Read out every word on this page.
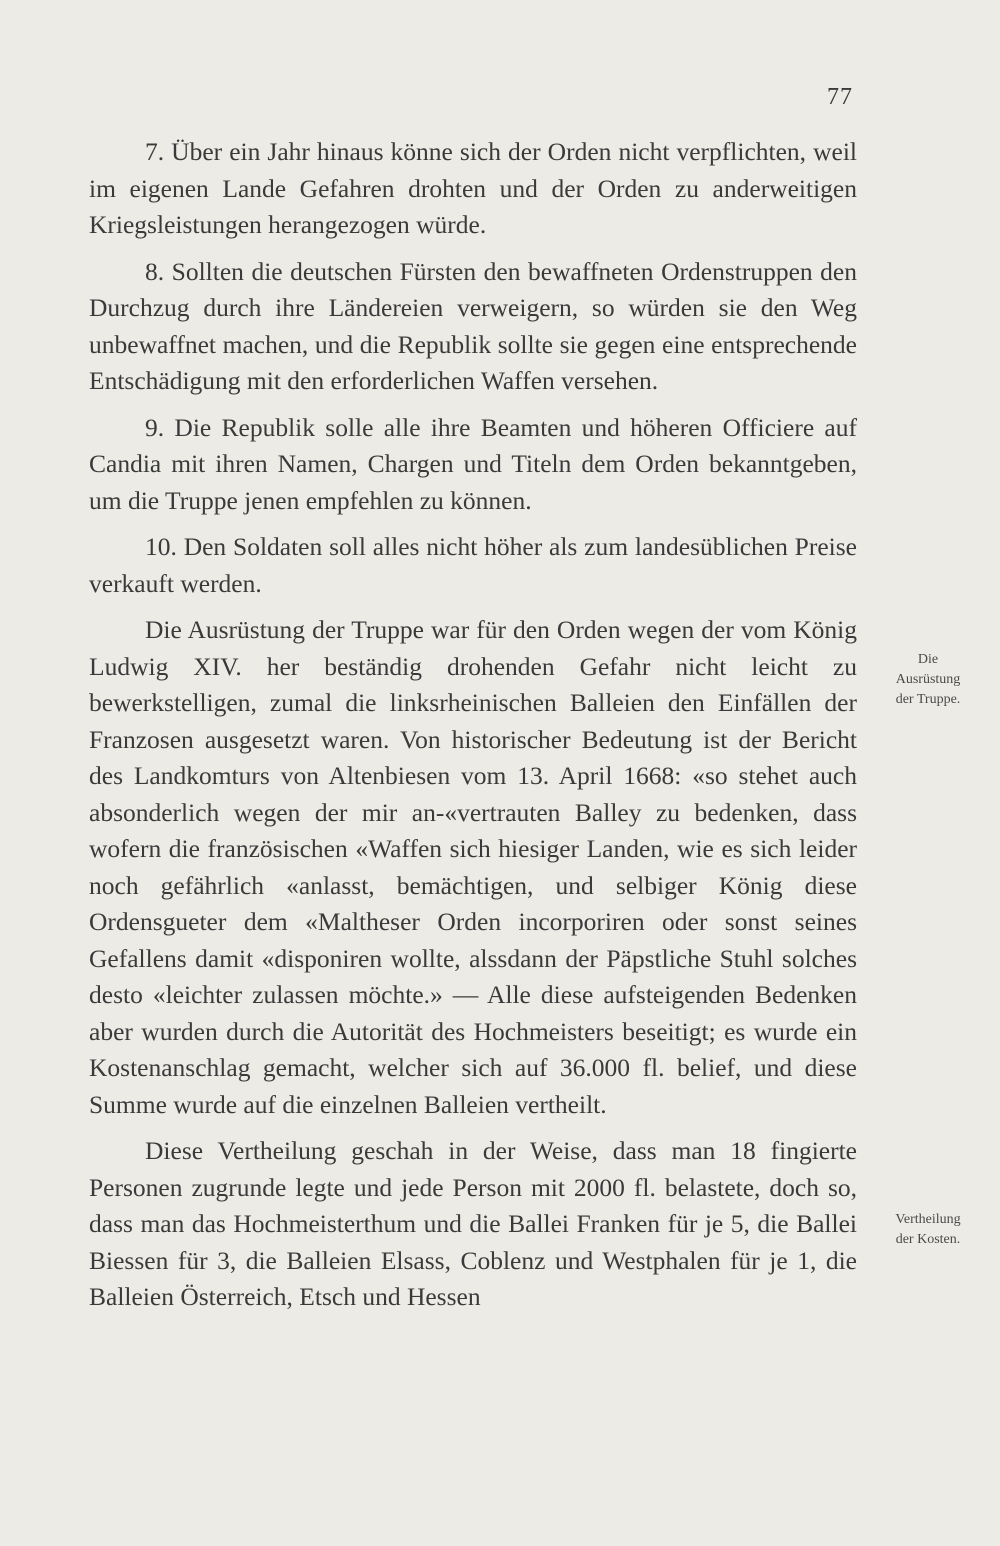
77

7. Über ein Jahr hinaus könne sich der Orden nicht verpflichten, weil im eigenen Lande Gefahren drohten und der Orden zu anderweitigen Kriegsleistungen herangezogen würde.

8. Sollten die deutschen Fürsten den bewaffneten Ordenstruppen den Durchzug durch ihre Ländereien verweigern, so würden sie den Weg unbewaffnet machen, und die Republik sollte sie gegen eine entsprechende Entschädigung mit den erforderlichen Waffen versehen.

9. Die Republik solle alle ihre Beamten und höheren Officiere auf Candia mit ihren Namen, Chargen und Titeln dem Orden bekanntgeben, um die Truppe jenen empfehlen zu können.

10. Den Soldaten soll alles nicht höher als zum landesüblichen Preise verkauft werden.

Die Ausrüstung der Truppe war für den Orden wegen der vom König Ludwig XIV. her beständig drohenden Gefahr nicht leicht zu bewerkstelligen, zumal die linksrheinischen Balleien den Einfällen der Franzosen ausgesetzt waren. Von historischer Bedeutung ist der Bericht des Landkomturs von Altenbiesen vom 13. April 1668: «so stehet auch absonderlich wegen der mir an-«vertrauten Balley zu bedenken, dass wofern die französischen «Waffen sich hiesiger Landen, wie es sich leider noch gefährlich «anlasst, bemächtigen, und selbiger König diese Ordensgueter dem «Maltheser Orden incorporiren oder sonst seines Gefallens damit «disponiren wollte, alssdann der Päpstliche Stuhl solches desto «leichter zulassen möchte.» — Alle diese aufsteigenden Bedenken aber wurden durch die Autorität des Hochmeisters beseitigt; es wurde ein Kostenanschlag gemacht, welcher sich auf 36.000 fl. belief, und diese Summe wurde auf die einzelnen Balleien vertheilt.

Diese Vertheilung geschah in der Weise, dass man 18 fingierte Personen zugrunde legte und jede Person mit 2000 fl. belastete, doch so, dass man das Hochmeisterthum und die Ballei Franken für je 5, die Ballei Biessen für 3, die Balleien Elsass, Coblenz und Westphalen für je 1, die Balleien Österreich, Etsch und Hessen

Die
Ausrüstung
der Truppe.
Vertheilung
der Kosten.
